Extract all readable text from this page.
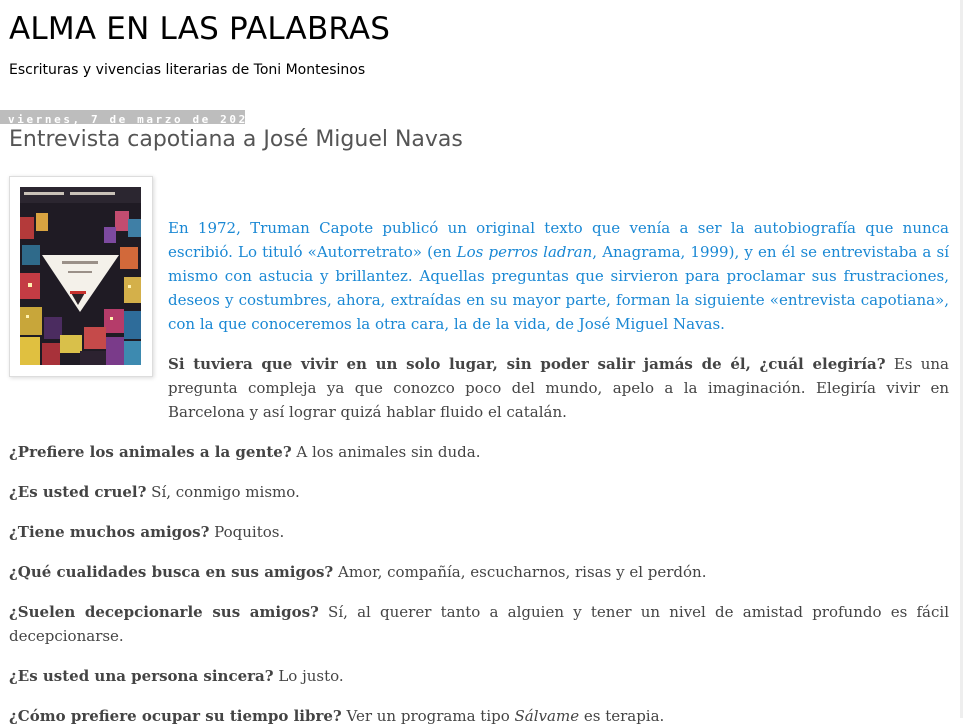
ALMA EN LAS PALABRAS
Escrituras y vivencias literarias de Toni Montesinos
viernes, 7 de marzo de 2025
Entrevista capotiana a José Miguel Navas

En 1972, Truman Capote publicó un original texto que venía a ser la autobiografía que nunca escribió. Lo tituló «Autorretrato» (en Los perros ladran, Anagrama, 1999), y en él se entrevistaba a sí mismo con astucia y brillantez. Aquellas preguntas que sirvieron para proclamar sus frustraciones, deseos y costumbres, ahora, extraídas en su mayor parte, forman la siguiente «entrevista capotiana», con la que conoceremos la otra cara, la de la vida, de José Miguel Navas.

Si tuviera que vivir en un solo lugar, sin poder salir jamás de él, ¿cuál elegiría? Es una pregunta compleja ya que conozco poco del mundo, apelo a la imaginación. Elegiría vivir en Barcelona y así lograr quizá hablar fluido el catalán.

¿Prefiere los animales a la gente? A los animales sin duda.

¿Es usted cruel? Sí, conmigo mismo.

¿Tiene muchos amigos? Poquitos.

¿Qué cualidades busca en sus amigos? Amor, compañía, escucharnos, risas y el perdón.

¿Suelen decepcionarle sus amigos? Sí, al querer tanto a alguien y tener un nivel de amistad profundo es fácil decepcionarse.

¿Es usted una persona sincera? Lo justo.

¿Cómo prefiere ocupar su tiempo libre? Ver un programa tipo Sálvame es terapia.
